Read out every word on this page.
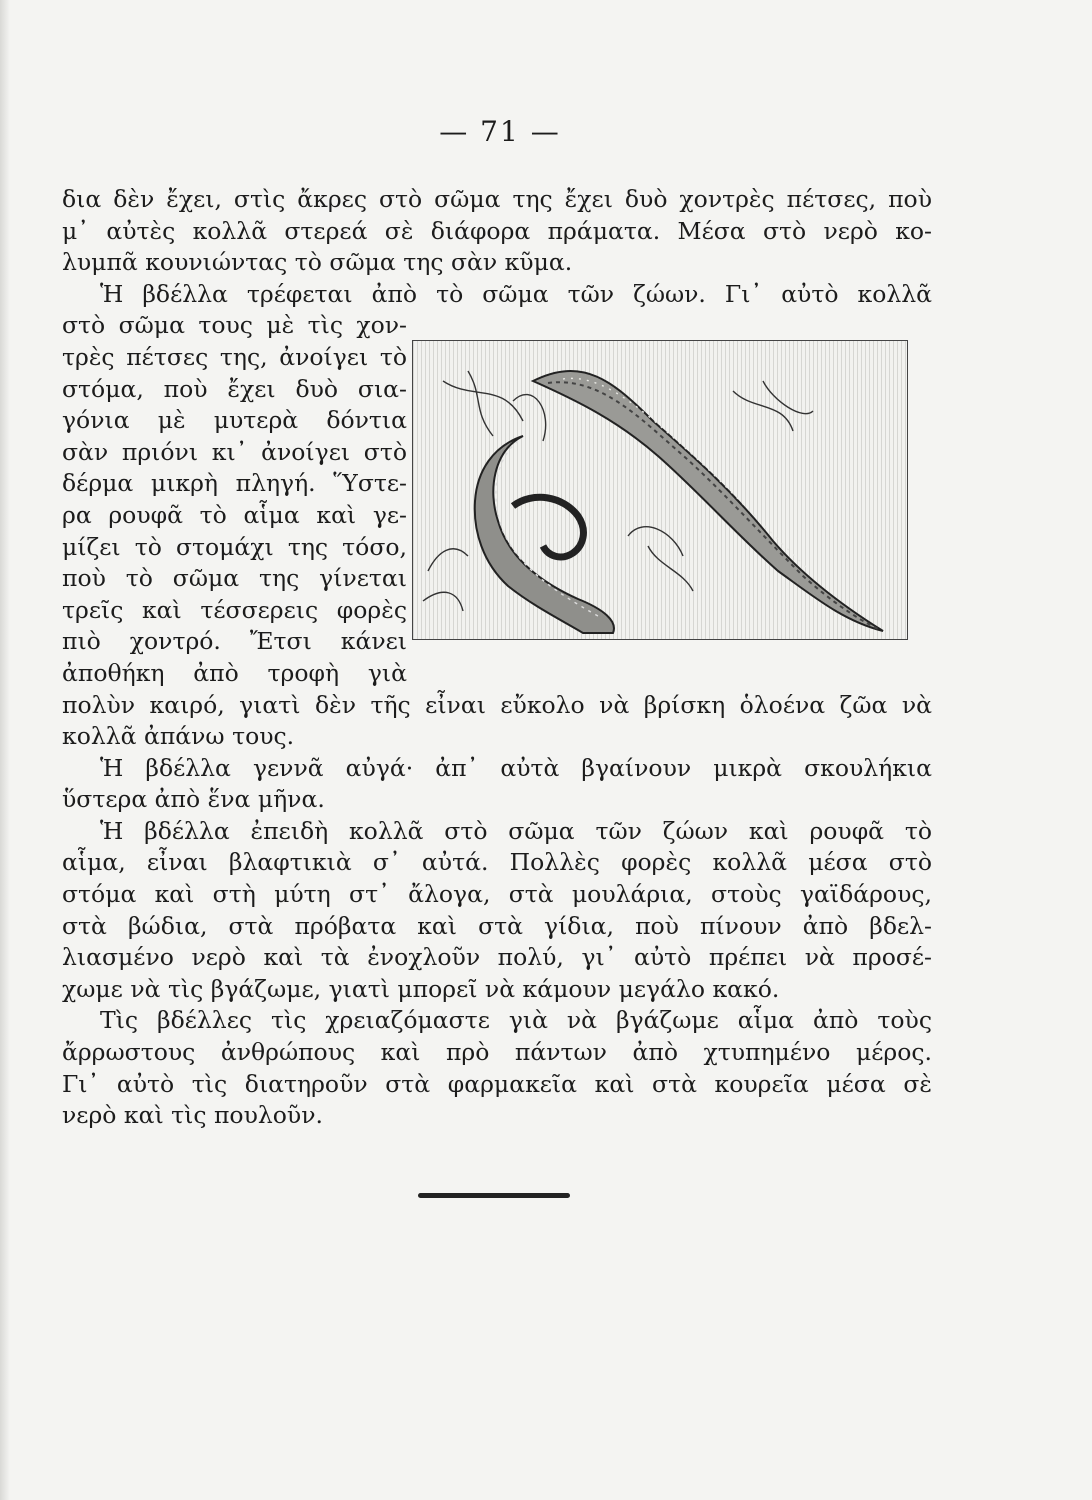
— 71 —
δια δὲν ἔχει, στὶς ἄκρες στὸ σῶμα της ἔχει δυὸ χοντρὲς πέτσες, ποὺ
μ᾿ αὐτὲς κολλᾶ στερεά σὲ διάφορα πράματα. Μέσα στὸ νερὸ κο-
λυμπᾶ κουνιώντας τὸ σῶμα της σὰν κῦμα.
Ἡ βδέλλα τρέφεται ἀπὸ τὸ σῶμα τῶν ζώων. Γι᾿ αὐτὸ κολλᾶ
στὸ σῶμα τους μὲ τὶς χον-
τρὲς πέτσες της, ἀνοίγει τὸ
στόμα, ποὺ ἔχει δυὸ σια-
γόνια μὲ μυτερὰ δόντια
σὰν πριόνι κι᾿ ἀνοίγει στὸ
δέρμα μικρὴ πληγή. Ὕστε-
ρα ρουφᾶ τὸ αἷμα καὶ γε-
μίζει τὸ στομάχι της τόσο,
ποὺ τὸ σῶμα της γίνεται
τρεῖς καὶ τέσσερεις φορὲς
πιὸ χοντρό. Ἔτσι κάνει
ἀποθήκη ἀπὸ τροφὴ γιὰ
πολὺν καιρό, γιατὶ δὲν τῆς εἶναι εὔκολο νὰ βρίσκη ὁλοένα ζῶα νὰ
κολλᾶ ἀπάνω τους.
Ἡ βδέλλα γεννᾶ αὐγά· ἀπ᾿ αὐτὰ βγαίνουν μικρὰ σκουλήκια
ὕστερα ἀπὸ ἕνα μῆνα.
Ἡ βδέλλα ἐπειδὴ κολλᾶ στὸ σῶμα τῶν ζώων καὶ ρουφᾶ τὸ
αἷμα, εἶναι βλαφτικιὰ σ᾿ αὐτά. Πολλὲς φορὲς κολλᾶ μέσα στὸ
στόμα καὶ στὴ μύτη στ᾿ ἄλογα, στὰ μουλάρια, στοὺς γαϊδάρους,
στὰ βώδια, στὰ πρόβατα καὶ στὰ γίδια, ποὺ πίνουν ἀπὸ βδελ-
λιασμένο νερὸ καὶ τὰ ἐνοχλοῦν πολύ, γι᾿ αὐτὸ πρέπει νὰ προσέ-
χωμε νὰ τὶς βγάζωμε, γιατὶ μπορεῖ νὰ κάμουν μεγάλο κακό.
Τὶς βδέλλες τὶς χρειαζόμαστε γιὰ νὰ βγάζωμε αἷμα ἀπὸ τοὺς
ἄρρωστους ἀνθρώπους καὶ πρὸ πάντων ἀπὸ χτυπημένο μέρος.
Γι᾿ αὐτὸ τὶς διατηροῦν στὰ φαρμακεῖα καὶ στὰ κουρεῖα μέσα σὲ
νερὸ καὶ τὶς πουλοῦν.
